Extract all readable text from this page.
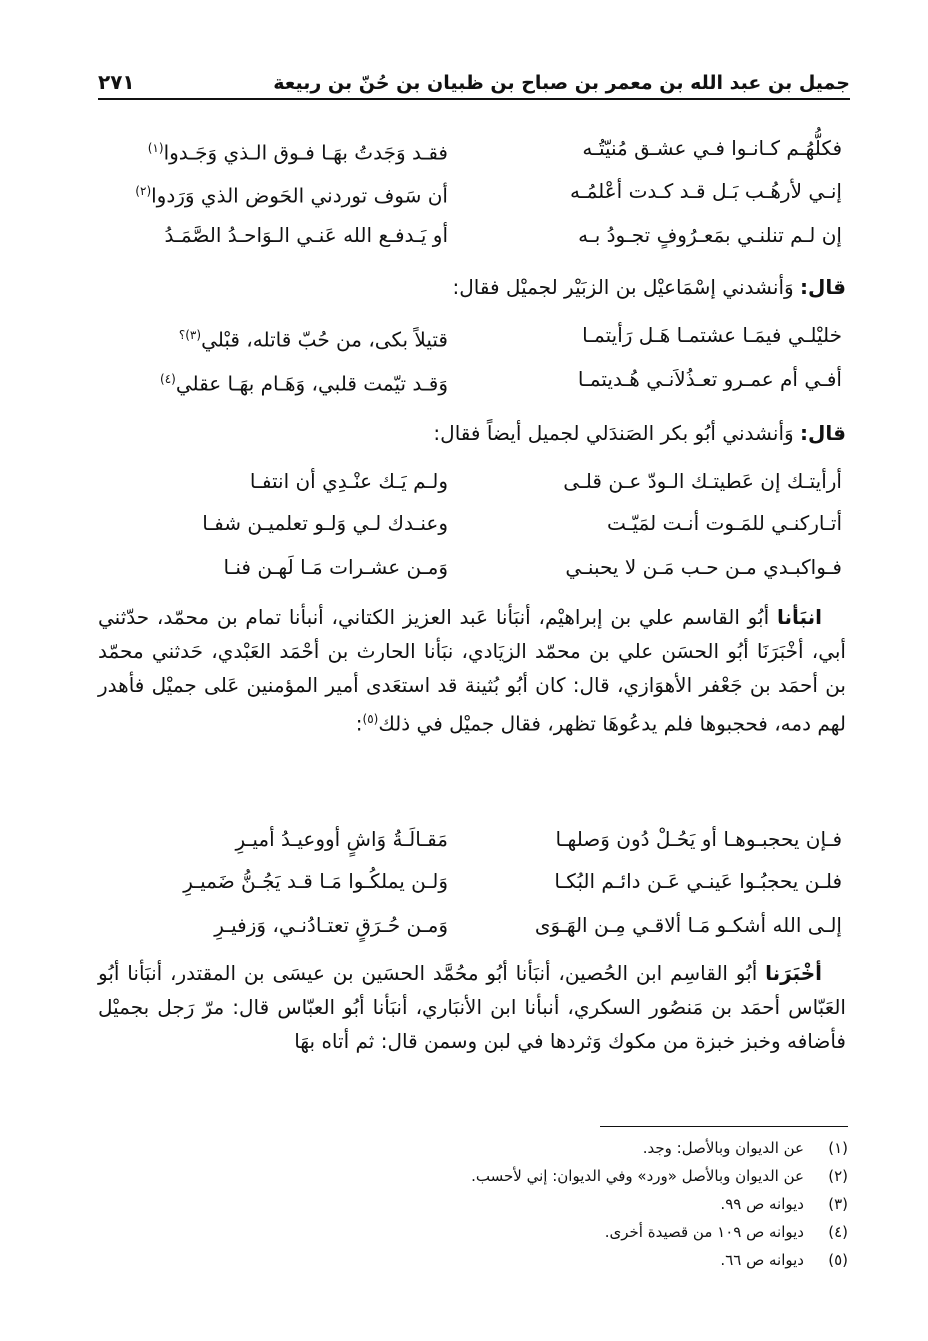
جميل بن عبد الله بن معمر بن صباح بن ظبيان بن حُنّ بن ربيعة
٢٧١
فكلُّهُـم كـانـوا فـي عشـق مُنيّتُـه
فقـد وَجَدتُ بهَـا فـوق الـذي وَجَـدوا$^{(١)}$
إنـي لأرهُـب بَـل قـد كـدت أعْلمُـه
أن سَوف توردني الحَوض الذي وَرَدوا$^{(٢)}$
إن لـم تنلنـي بمَعـرُوفٍ تجـودُ بـه
أو يَـدفـع الله عَنـي الـوَاحـدُ الصَّمَـدُ
قال: وَأنشدني إسْمَاعيْل بن الزبَيْر لجميْل فقال:
خليْلـي فيمَـا عشتمـا هَـل رَأيتمـا
قتيلاً بكى، من حُبّ قاتله، قبْلي$^{(٣)؟}$
أفـي أم عمـرو تعـذُلاَنـي هُـديتمـا
وَقـد تيّمت قلبي، وَهَـام بهَـا عقلي$^{(٤)}$
قال: وَأنشدني أبُو بكر الصَندَلي لجميل أيضاً فقال:
أرأيتـك إن عَطيتـك الـودّ عـن قلـى
ولـم يَـك عنْـدِي أن انتفـا
أتـاركنـي للمَـوت أنـت لمَيّـت
وعنـدك لـي وَلـو تعلميـن شفـا
فـواكبـدي مـن حـب مَـن لا يحبنـي
وَمـن عشـرات مَـا لَهـن فنـا
انبَأنا أبُو القاسم علي بن إبراهيْم، أنبَأنا عَبد العزيز الكتاني، أنبأنا تمام بن محمّد، حدّثني أبي، أخْبَرَنَا أبُو الحسَن علي بن محمّد الزيَادي، نبَأنا الحارث بن أحْمَد العَبْدي، حَدثني محمّد بن أحمَد بن جَعْفر الأهوَازي، قال: كان أبُو بُثينة قد استعَدى أمير المؤمنين عَلى جميْل فأهدر لهم دمه، فحجبوها فلم يدعُوهَا تظهر، فقال جميْل في ذلك$^{(٥)}$:
فـإن يحجبـوهـا أو يَحُـلْ دُون وَصلهـا
مَقـالَـةُ وَاشٍ أووعيـدُ أميـرِ
فلـن يحجبُـوا عَينـي عَـن دائـم البُكـا
وَلـن يملكُـوا مَـا قـد يَجُـنُّ ضَميـرِ
إلـى الله أشكـو مَـا ألاقـي مِـن الهَـوَى
وَمـن حُـرَقٍ تعتـادُنـي، وَزفيـرِ
أخْبَرَنا أبُو القاسِم ابن الحُصين، أنبَأنا أبُو محُمَّد الحسَين بن عيسَى بن المقتدر، أنبَأنا أبُو العَبّاس أحمَد بن مَنصُور السكري، أنبأنا ابن الأنبَاري، أنبَأنا أبُو العبّاس قال: مرّ رَجل بجميْل فأضافه وخبز خبزة من مكوك وَثردها في لبن وسمن قال: ثم أتاه بهَا
(١)
عن الديوان وبالأصل: وجد.
(٢)
عن الديوان وبالأصل «ورد» وفي الديوان: إني لأحسب.
(٣)
ديوانه ص ٩٩.
(٤)
ديوانه ص ١٠٩ من قصيدة أخرى.
(٥)
ديوانه ص ٦٦.
